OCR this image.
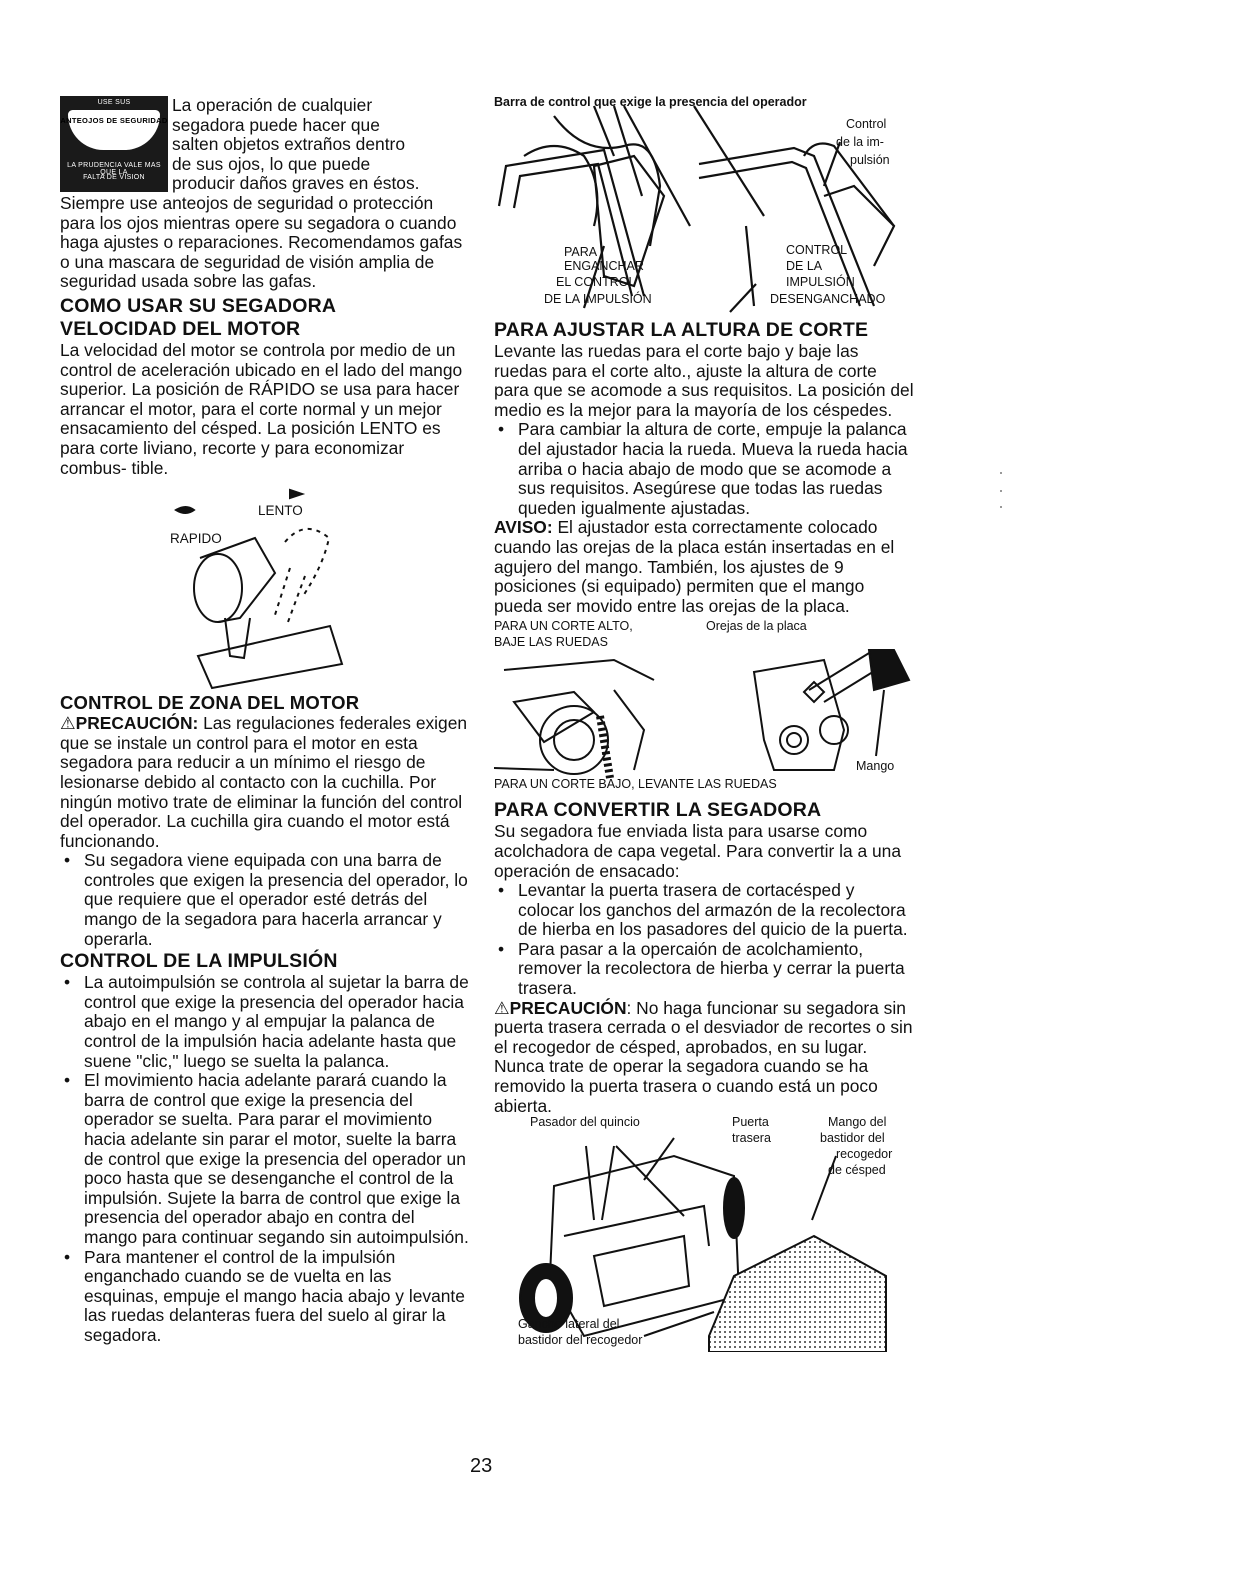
USE SUS
ANTEOJOS DE SEGURIDAD
LA PRUDENCIA VALE MAS QUE LA
FALTA DE VISION

La operación de cualquier

segadora puede hacer que

salten objetos extraños dentro

de sus ojos, lo que puede

producir daños graves en éstos.

Siempre use anteojos de seguridad o protección para los ojos mientras opere su segadora o cuando haga ajustes o reparaciones. Recomendamos gafas o una mascara de seguridad de visión amplia de seguridad usada sobre las gafas.

COMO USAR SU SEGADORA
VELOCIDAD DEL MOTOR

La velocidad del motor se controla por medio de un control de aceleración ubicado en el lado del mango superior. La posición de RÁPIDO se usa para hacer arrancar el motor, para el corte normal y un mejor ensacamiento del césped. La posición LENTO es para corte liviano, recorte y para economizar combus- tible.

LENTO
RAPIDO
CONTROL DE ZONA DEL MOTOR

⚠PRECAUCIÓN: Las regulaciones federales exigen que se instale un control para el motor en esta segadora para reducir a un mínimo el riesgo de lesionarse debido al contacto con la cuchilla. Por ningún motivo trate de eliminar la función del control del operador. La cuchilla gira cuando el motor está funcionando.

• Su segadora viene equipada con una barra de controles que exigen la presencia del operador, lo que requiere que el operador esté detrás del mango de la segadora para hacerla arrancar y operarla.
CONTROL DE LA IMPULSIÓN
• La autoimpulsión se controla al sujetar la barra de control que exige la presencia del operador hacia abajo en el mango y al empujar la palanca de control de la impulsión hacia adelante hasta que suene "clic," luego se suelta la palanca.
• El movimiento hacia adelante parará cuando la barra de control que exige la presencia del operador se suelta. Para parar el movimiento hacia adelante sin parar el motor, suelte la barra de control que exige la presencia del operador un poco hasta que se desenganche el control de la impulsión. Sujete la barra de control que exige la presencia del operador abajo en contra del mango para continuar segando sin autoimpulsión.
• Para mantener el control de la impulsión enganchado cuando se de vuelta en las esquinas, empuje el mango hacia abajo y levante las ruedas delanteras fuera del suelo al girar la segadora.
Barra de control que exige la presencia del operador
Control
de la im-
pulsión
PARA
ENGANCHAR
EL CONTROL
DE LA IMPULSIÓN
CONTROL
DE LA
IMPULSIÓN
DESENGANCHADO
PARA AJUSTAR LA ALTURA DE CORTE

Levante las ruedas para el corte bajo y baje las ruedas para el corte alto., ajuste la altura de corte para que se acomode a sus requisitos. La posición del medio es la mejor para la mayoría de los céspedes.

• Para cambiar la altura de corte, empuje la palanca del ajustador hacia la rueda. Mueva la rueda hacia arriba o hacia abajo de modo que se acomode a sus requisitos. Asegúrese que todas las ruedas queden igualmente ajustadas.

AVISO: El ajustador esta correctamente colocado cuando las orejas de la placa están insertadas en el agujero del mango. También, los ajustes de 9 posiciones (si equipado) permiten que el mango pueda ser movido entre las orejas de la placa.

PARA UN CORTE ALTO,
BAJE LAS RUEDAS
Orejas de la placa
Mango
PARA UN CORTE BAJO, LEVANTE LAS RUEDAS
PARA CONVERTIR LA SEGADORA

Su segadora fue enviada lista para usarse como acolchadora de capa vegetal. Para convertir la a una operación de ensacado:

• Levantar la puerta trasera de cortacésped y colocar los ganchos del armazón de la recolectora de hierba en los pasadores del quicio de la puerta.
• Para pasar a la opercaión de acolchamiento, remover la recolectora de hierba y cerrar la puerta trasera.

⚠PRECAUCIÓN: No haga funcionar su segadora sin puerta trasera cerrada o el desviador de recortes o sin el recogedor de césped, aprobados, en su lugar. Nunca trate de operar la segadora cuando se ha removido la puerta trasera o cuando está un poco abierta.

Pasador del quincio	Puerta
trasera
Mango del
bastidor del
recogedor
de césped
Gancho lateral del
bastidor del recogedor
23
